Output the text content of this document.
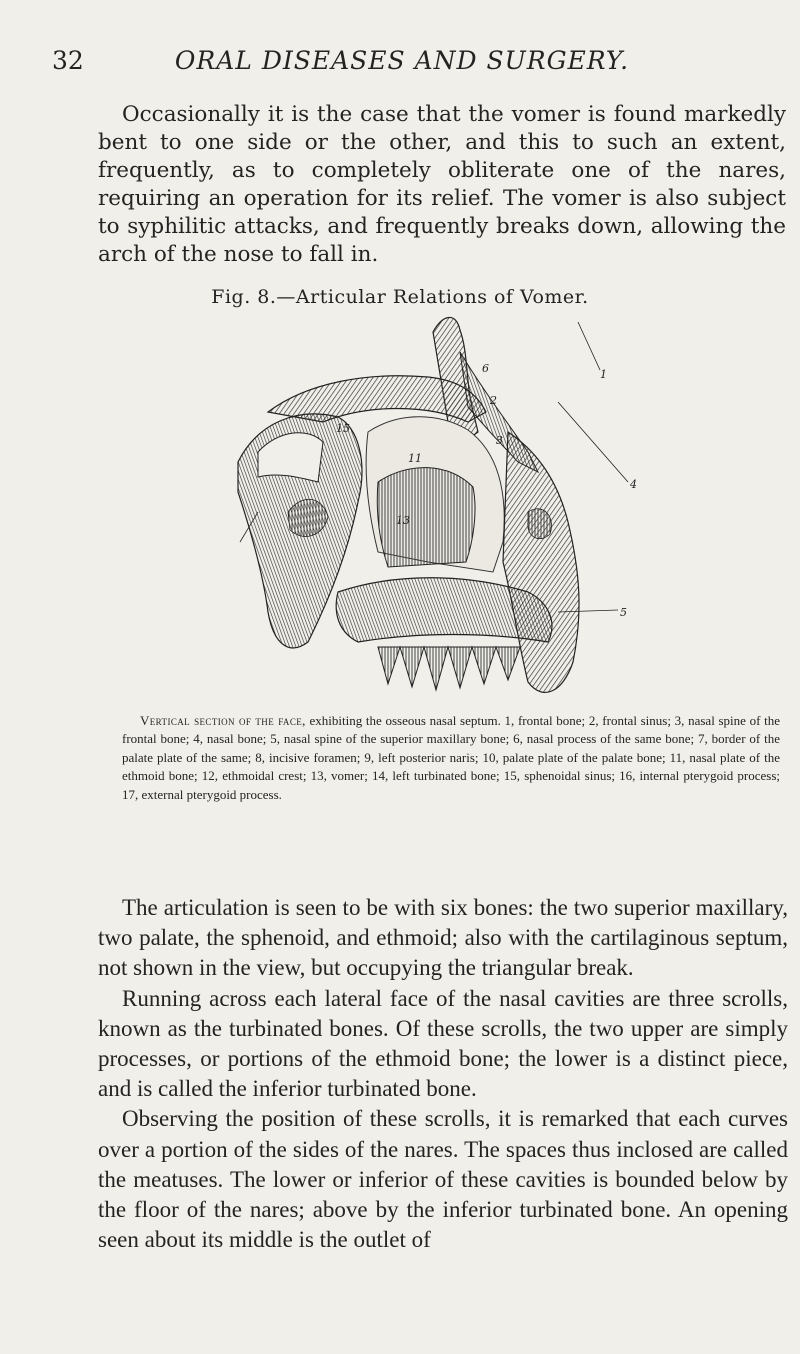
32	ORAL DISEASES AND SURGERY.

Occasionally it is the case that the vomer is found markedly bent to one side or the other, and this to such an extent, frequently, as to completely obliterate one of the nares, requiring an operation for its relief. The vomer is also subject to syphilitic attacks, and frequently breaks down, allowing the arch of the nose to fall in.

Fig. 8.—Articular Relations of Vomer.
1
2
3
4
5
6
11
13
15

Vertical section of the face, exhibiting the osseous nasal septum. 1, frontal bone; 2, frontal sinus; 3, nasal spine of the frontal bone; 4, nasal bone; 5, nasal spine of the superior maxillary bone; 6, nasal process of the same bone; 7, border of the palate plate of the same; 8, incisive foramen; 9, left posterior naris; 10, palate plate of the palate bone; 11, nasal plate of the ethmoid bone; 12, ethmoidal crest; 13, vomer; 14, left turbinated bone; 15, sphenoidal sinus; 16, internal pterygoid process; 17, external pterygoid process.

The articulation is seen to be with six bones: the two superior maxillary, two palate, the sphenoid, and ethmoid; also with the cartilaginous septum, not shown in the view, but occupying the triangular break.

Running across each lateral face of the nasal cavities are three scrolls, known as the turbinated bones. Of these scrolls, the two upper are simply processes, or portions of the ethmoid bone; the lower is a distinct piece, and is called the inferior turbinated bone.

Observing the position of these scrolls, it is remarked that each curves over a portion of the sides of the nares. The spaces thus inclosed are called the meatuses. The lower or inferior of these cavities is bounded below by the floor of the nares; above by the inferior turbinated bone. An opening seen about its middle is the outlet of
